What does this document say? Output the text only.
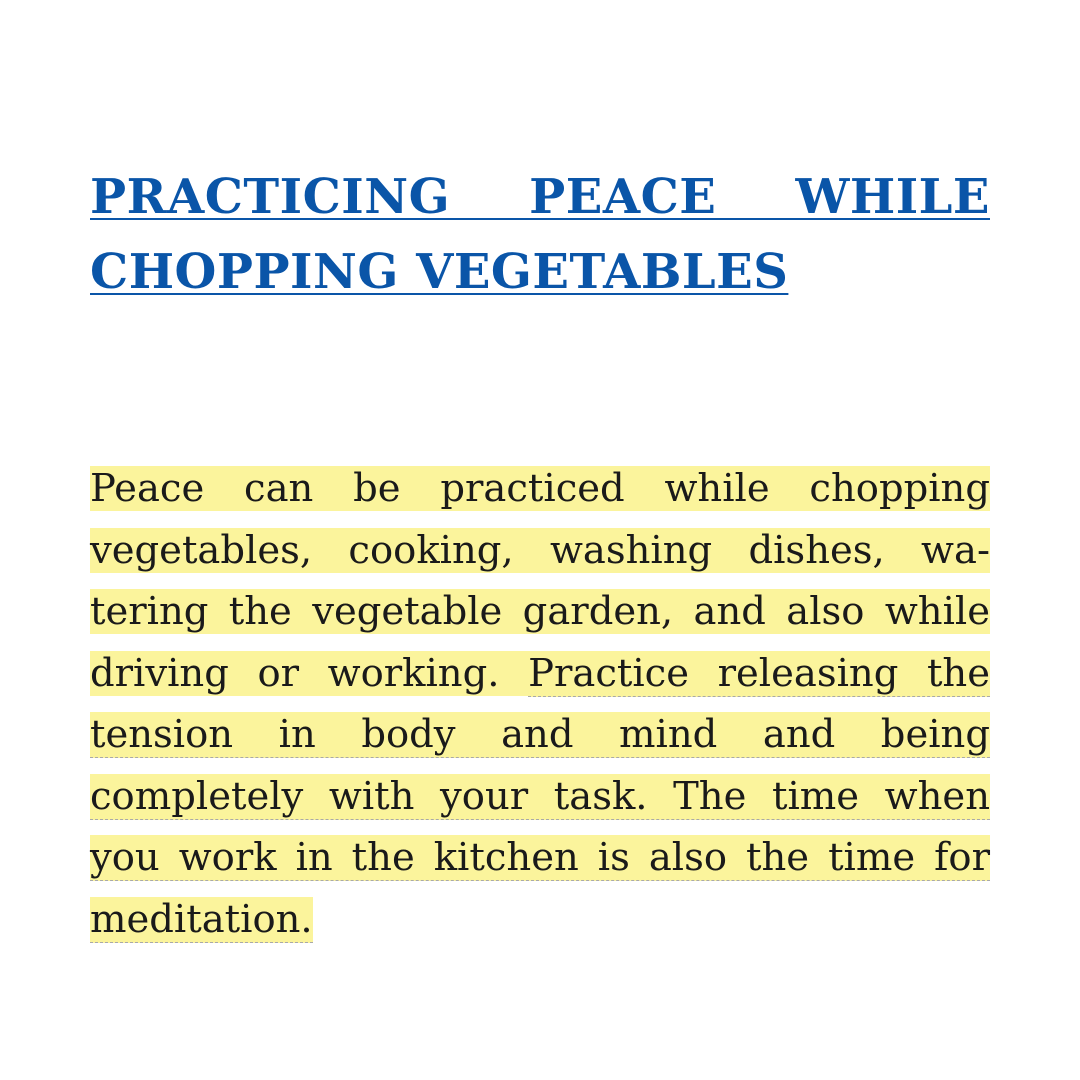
PRACTICING PEACE WHILE CHOPPING VEGETABLES

Peace can be practiced while chopping vegetables, cooking, washing dishes, watering the vegetable garden, and also while driving or working. Practice releasing the tension in body and mind and being completely with your task. The time when you work in the kitchen is also the time for meditation.
